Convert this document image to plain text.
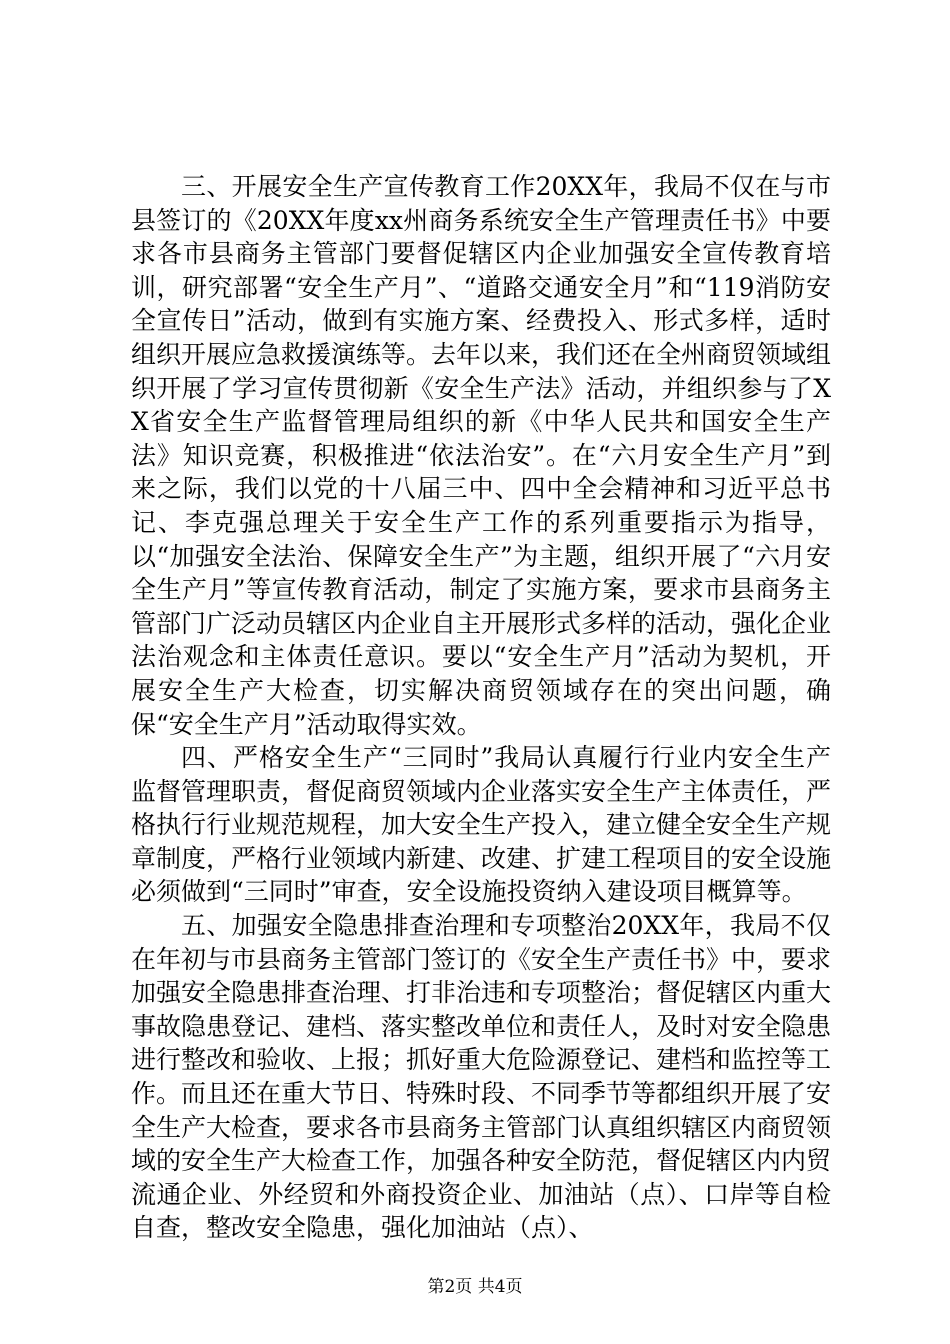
三、开展安全生产宣传教育工作20XX年，我局不仅在与市县签订的《20XX年度xx州商务系统安全生产管理责任书》中要求各市县商务主管部门要督促辖区内企业加强安全宣传教育培训，研究部署“安全生产月”、“道路交通安全月”和“119消防安全宣传日”活动，做到有实施方案、经费投入、形式多样，适时组织开展应急救援演练等。去年以来，我们还在全州商贸领域组织开展了学习宣传贯彻新《安全生产法》活动，并组织参与了XX省安全生产监督管理局组织的新《中华人民共和国安全生产法》知识竞赛，积极推进“依法治安”。在“六月安全生产月”到来之际，我们以党的十八届三中、四中全会精神和习近平总书记、李克强总理关于安全生产工作的系列重要指示为指导，以“加强安全法治、保障安全生产”为主题，组织开展了“六月安全生产月”等宣传教育活动，制定了实施方案，要求市县商务主管部门广泛动员辖区内企业自主开展形式多样的活动，强化企业法治观念和主体责任意识。要以“安全生产月”活动为契机，开展安全生产大检查，切实解决商贸领域存在的突出问题，确保“安全生产月”活动取得实效。

四、严格安全生产“三同时”我局认真履行行业内安全生产监督管理职责，督促商贸领域内企业落实安全生产主体责任，严格执行行业规范规程，加大安全生产投入，建立健全安全生产规章制度，严格行业领域内新建、改建、扩建工程项目的安全设施必须做到“三同时”审查，安全设施投资纳入建设项目概算等。

五、加强安全隐患排查治理和专项整治20XX年，我局不仅在年初与市县商务主管部门签订的《安全生产责任书》中，要求加强安全隐患排查治理、打非治违和专项整治；督促辖区内重大事故隐患登记、建档、落实整改单位和责任人，及时对安全隐患进行整改和验收、上报；抓好重大危险源登记、建档和监控等工作。而且还在重大节日、特殊时段、不同季节等都组织开展了安全生产大检查，要求各市县商务主管部门认真组织辖区内商贸领域的安全生产大检查工作，加强各种安全防范，督促辖区内内贸流通企业、外经贸和外商投资企业、加油站（点）、口岸等自检自查，整改安全隐患，强化加油站（点）、

第2页 共4页
